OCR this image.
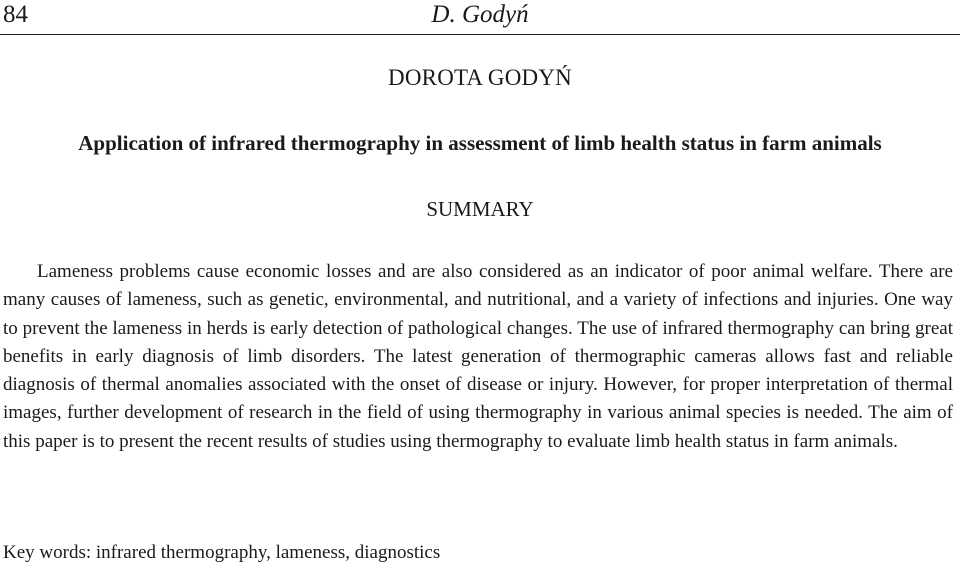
84	D. Godyń
DOROTA GODYŃ
Application of infrared thermography in assessment of limb health status in farm animals
SUMMARY

Lameness problems cause economic losses and are also considered as an indicator of poor animal welfare. There are many causes of lameness, such as genetic, environmental, and nutritional, and a variety of infections and injuries. One way to prevent the lameness in herds is early detection of pathological changes. The use of infrared thermography can bring great benefits in early diagnosis of limb disorders. The latest generation of thermographic cameras allows fast and reliable diagnosis of thermal anomalies associated with the onset of disease or injury. However, for proper interpretation of thermal images, further development of research in the field of using thermography in various animal species is needed. The aim of this paper is to present the recent results of studies using thermography to evaluate limb health status in farm animals.

Key words: infrared thermography, lameness, diagnostics
